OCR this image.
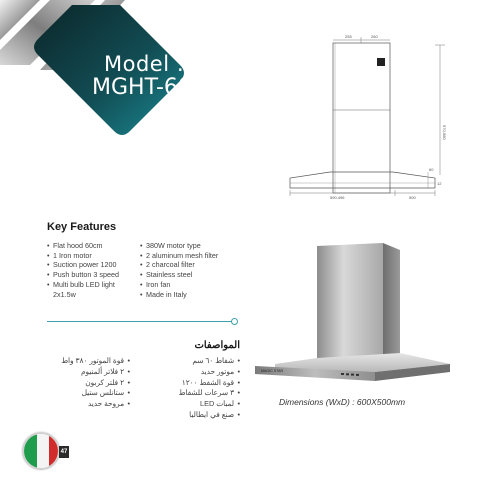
Model :
MGHT-60
255	260
570-980
60
12
590.496	500
Key Features
• Flat hood 60cm
• 1 Iron motor
• Suction power 1200
• Push button 3 speed
• Multi bulb LED light
2x1.5w
• 380W motor type
• 2 aluminum mesh filter
• 2 charcoal filter
• Stainless steel
• Iron fan
• Made in Italy
المواصفات
• شفاط ٦٠ سم
• موتور حديد
• قوة الشفط ١٢٠٠
• ٣ سرعات للشفاط
• لمبات LED
• صنع في ايطاليا
• قوة الموتور ٣٨٠ واط
• ٢ فلاتر ألمنيوم
• ٢ فلتر كربون
• ستانلس ستيل
• مروحة حديد
MAGIC STAR
Dimensions (WxD) : 600X500mm
47
